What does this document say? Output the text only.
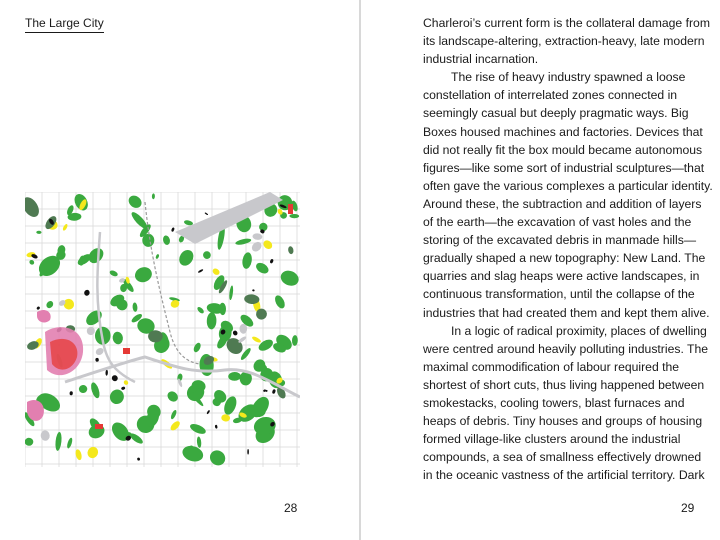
The Large City
28

Charleroi’s current form is the collateral damage from its landscape-altering, extraction-heavy, late modern industrial incarnation.

The rise of heavy industry spawned a loose constellation of interrelated zones connected in seemingly casual but deeply pragmatic ways. Big Boxes housed machines and factories. Devices that did not really fit the box mould became autonomous figures—like some sort of industrial sculptures—that often gave the various complexes a particular identity. Around these, the subtraction and addition of layers of the earth—the excavation of vast holes and the storing of the excavated debris in manmade hills—gradually shaped a new topography: New Land. The quarries and slag heaps were active landscapes, in continuous transformation, until the collapse of the industries that had created them and kept them alive.

In a logic of radical proximity, places of dwelling were centred around heavily polluting industries. The maximal commodification of labour required the shortest of short cuts, thus living happened between smokestacks, cooling towers, blast furnaces and heaps of debris. Tiny houses and groups of housing formed village-like clusters around the industrial compounds, a sea of smallness effectively drowned in the oceanic vastness of the artificial territory. Dark

29
